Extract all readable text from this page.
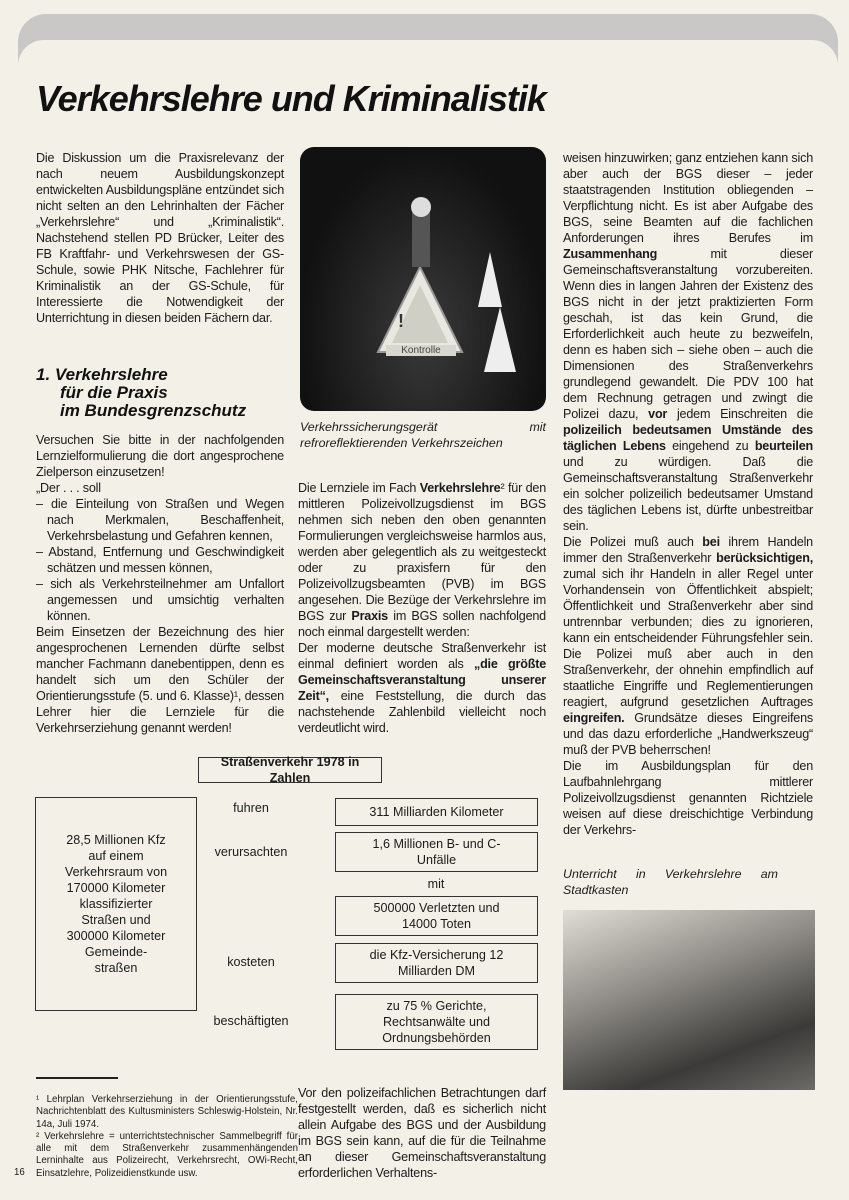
Verkehrslehre und Kriminalistik

Die Diskussion um die Praxisrelevanz der nach neuem Ausbildungskonzept entwickelten Ausbildungspläne entzündet sich nicht selten an den Lehrinhalten der Fächer „Verkehrslehre“ und „Kriminalistik“. Nachstehend stellen PD Brücker, Leiter des FB Kraftfahr- und Verkehrswesen der GS-Schule, sowie PHK Nitsche, Fachlehrer für Kriminalistik an der GS-Schule, für Interessierte die Notwendigkeit der Unterrichtung in diesen beiden Fächern dar.

1. Verkehrslehre
für die Praxis
im Bundesgrenzschutz

Versuchen Sie bitte in der nachfolgenden Lernzielformulierung die dort angesprochene Zielperson einzusetzen!

„Der . . . soll

– die Einteilung von Straßen und Wegen nach Merkmalen, Beschaffenheit, Verkehrsbelastung und Gefahren kennen,
– Abstand, Entfernung und Geschwindigkeit schätzen und messen können,
– sich als Verkehrsteilnehmer am Unfallort angemessen und umsichtig verhalten können.

Beim Einsetzen der Bezeichnung des hier angesprochenen Lernenden dürfte selbst mancher Fachmann danebentippen, denn es handelt sich um den Schüler der Orientierungsstufe (5. und 6. Klasse)¹, dessen Lehrer hier die Lernziele für die Verkehrserziehung genannt werden!

!
Kontrolle
Verkehrssicherungsgerät mit refroreflektierenden Verkehrszeichen

Die Lernziele im Fach Verkehrslehre² für den mittleren Polizeivollzugsdienst im BGS nehmen sich neben den oben genannten Formulierungen vergleichsweise harmlos aus, werden aber gelegentlich als zu weitgesteckt oder zu praxisfern für den Polizeivollzugsbeamten (PVB) im BGS angesehen. Die Bezüge der Verkehrslehre im BGS zur Praxis im BGS sollen nachfolgend noch einmal dargestellt werden:

Der moderne deutsche Straßenverkehr ist einmal definiert worden als „die größte Gemeinschaftsveranstaltung unserer Zeit“, eine Feststellung, die durch das nachstehende Zahlenbild vielleicht noch verdeutlicht wird.

Straßenverkehr 1978 in Zahlen
28,5 Millionen Kfz auf einem Verkehrsraum von 170000 Kilometer klassifizierter Straßen und 300000 Kilometer Gemeinde-straßen
fuhren
verursachten
kosteten
beschäftigten
311 Milliarden Kilometer
1,6 Millionen B- und C-Unfälle
mit
500000 Verletzten und 14000 Toten
die Kfz-Versicherung 12 Milliarden DM
zu 75 % Gerichte, Rechtsanwälte und Ordnungsbehörden
Vor den polizeifachlichen Betrachtungen darf festgestellt werden, daß es sicherlich nicht allein Aufgabe des BGS und der Ausbildung im BGS sein kann, auf die für die Teilnahme an dieser Gemeinschaftsveranstaltung erforderlichen Verhaltens-

weisen hinzuwirken; ganz entziehen kann sich aber auch der BGS dieser – jeder staatstragenden Institution obliegenden – Verpflichtung nicht. Es ist aber Aufgabe des BGS, seine Beamten auf die fachlichen Anforderungen ihres Berufes im Zusammenhang mit dieser Gemeinschaftsveranstaltung vorzubereiten. Wenn dies in langen Jahren der Existenz des BGS nicht in der jetzt praktizierten Form geschah, ist das kein Grund, die Erforderlichkeit auch heute zu bezweifeln, denn es haben sich – siehe oben – auch die Dimensionen des Straßenverkehrs grundlegend gewandelt. Die PDV 100 hat dem Rechnung getragen und zwingt die Polizei dazu, vor jedem Einschreiten die polizeilich bedeutsamen Umstände des täglichen Lebens eingehend zu beurteilen und zu würdigen. Daß die Gemeinschaftsveranstaltung Straßenverkehr ein solcher polizeilich bedeutsamer Umstand des täglichen Lebens ist, dürfte unbestreitbar sein.

Die Polizei muß auch bei ihrem Handeln immer den Straßenverkehr berücksichtigen, zumal sich ihr Handeln in aller Regel unter Vorhandensein von Öffentlichkeit abspielt; Öffentlichkeit und Straßenverkehr aber sind untrennbar verbunden; dies zu ignorieren, kann ein entscheidender Führungsfehler sein. Die Polizei muß aber auch in den Straßenverkehr, der ohnehin empfindlich auf staatliche Eingriffe und Reglementierungen reagiert, aufgrund gesetzlichen Auftrages eingreifen. Grundsätze dieses Eingreifens und das dazu erforderliche „Handwerkszeug“ muß der PVB beherrschen!

Die im Ausbildungsplan für den Laufbahnlehrgang mittlerer Polizeivollzugsdienst genannten Richtziele weisen auf diese dreischichtige Verbindung der Verkehrs-

Unterricht in Verkehrslehre am Stadtkasten

¹ Lehrplan Verkehrserziehung in der Orientierungsstufe, Nachrichtenblatt des Kultusministers Schleswig-Holstein, Nr. 14a, Juli 1974.

² Verkehrslehre = unterrichtstechnischer Sammelbegriff für alle mit dem Straßenverkehr zusammenhängenden Lerninhalte aus Polizeirecht, Verkehrsrecht, OWi-Recht, Einsatzlehre, Polizeidienstkunde usw.

16
